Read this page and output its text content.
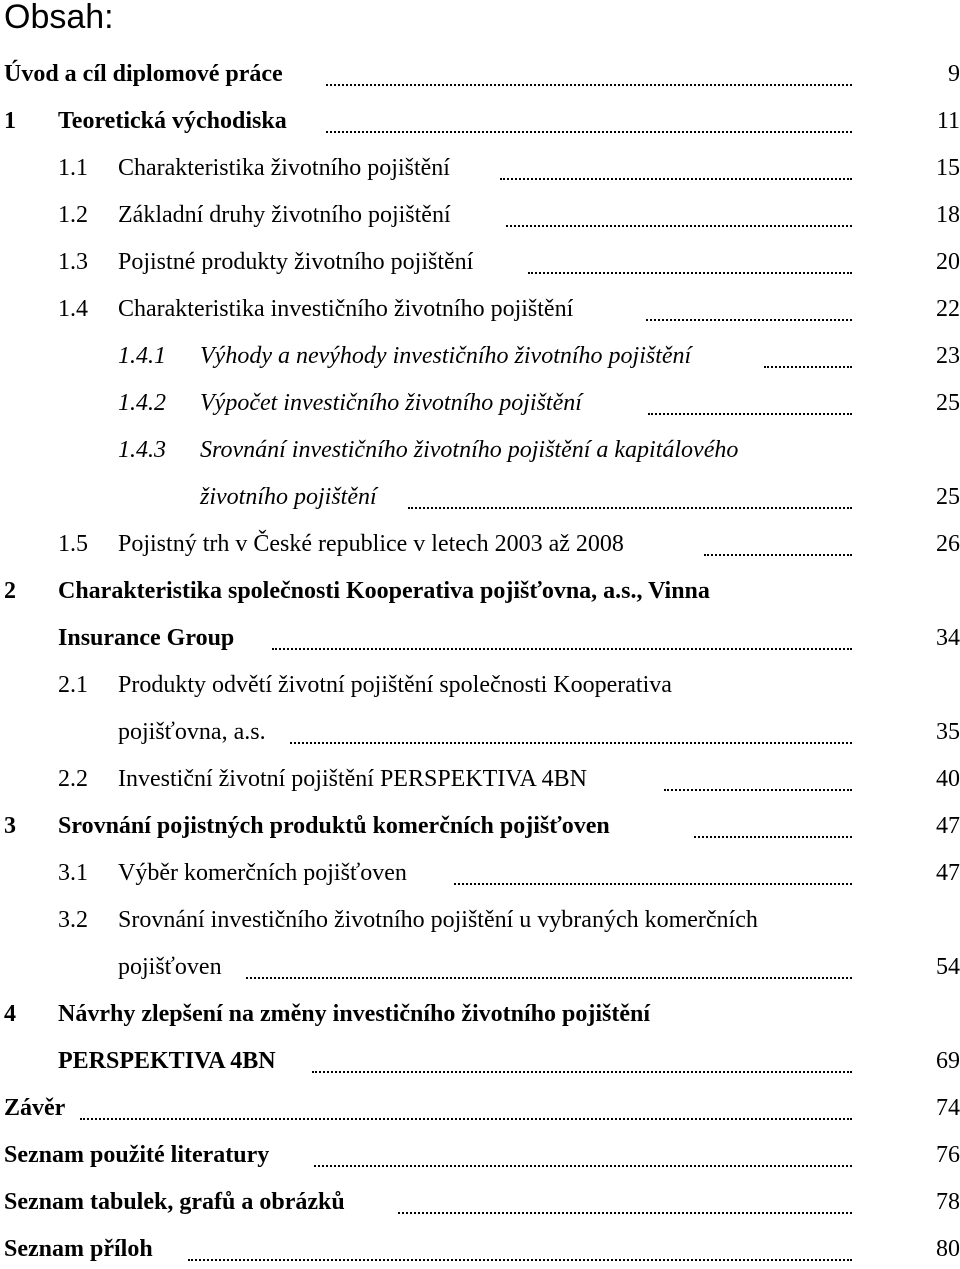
Obsah:
Úvod a cíl diplomové práce	9
1 Teoretická východiska	11
1.1 Charakteristika životního pojištění	15
1.2 Základní druhy životního pojištění	18
1.3 Pojistné produkty životního pojištění	20
1.4 Charakteristika investičního životního pojištění	22
1.4.1 Výhody a nevýhody investičního životního pojištění	23
1.4.2 Výpočet investičního životního pojištění	25
1.4.3 Srovnání investičního životního pojištění a kapitálového
životního pojištění	25
1.5 Pojistný trh v České republice v letech 2003 až 2008	26
2 Charakteristika společnosti Kooperativa pojišťovna, a.s., Vinna
Insurance Group	34
2.1 Produkty odvětí životní pojištění společnosti Kooperativa
pojišťovna, a.s.	35
2.2 Investiční životní pojištění PERSPEKTIVA 4BN	40
3 Srovnání pojistných produktů komerčních pojišťoven	47
3.1 Výběr komerčních pojišťoven	47
3.2 Srovnání investičního životního pojištění u vybraných komerčních
pojišťoven	54
4 Návrhy zlepšení na změny investičního životního pojištění
PERSPEKTIVA 4BN	69
Závěr	74
Seznam použité literatury	76
Seznam tabulek, grafů a obrázků	78
Seznam příloh	80
